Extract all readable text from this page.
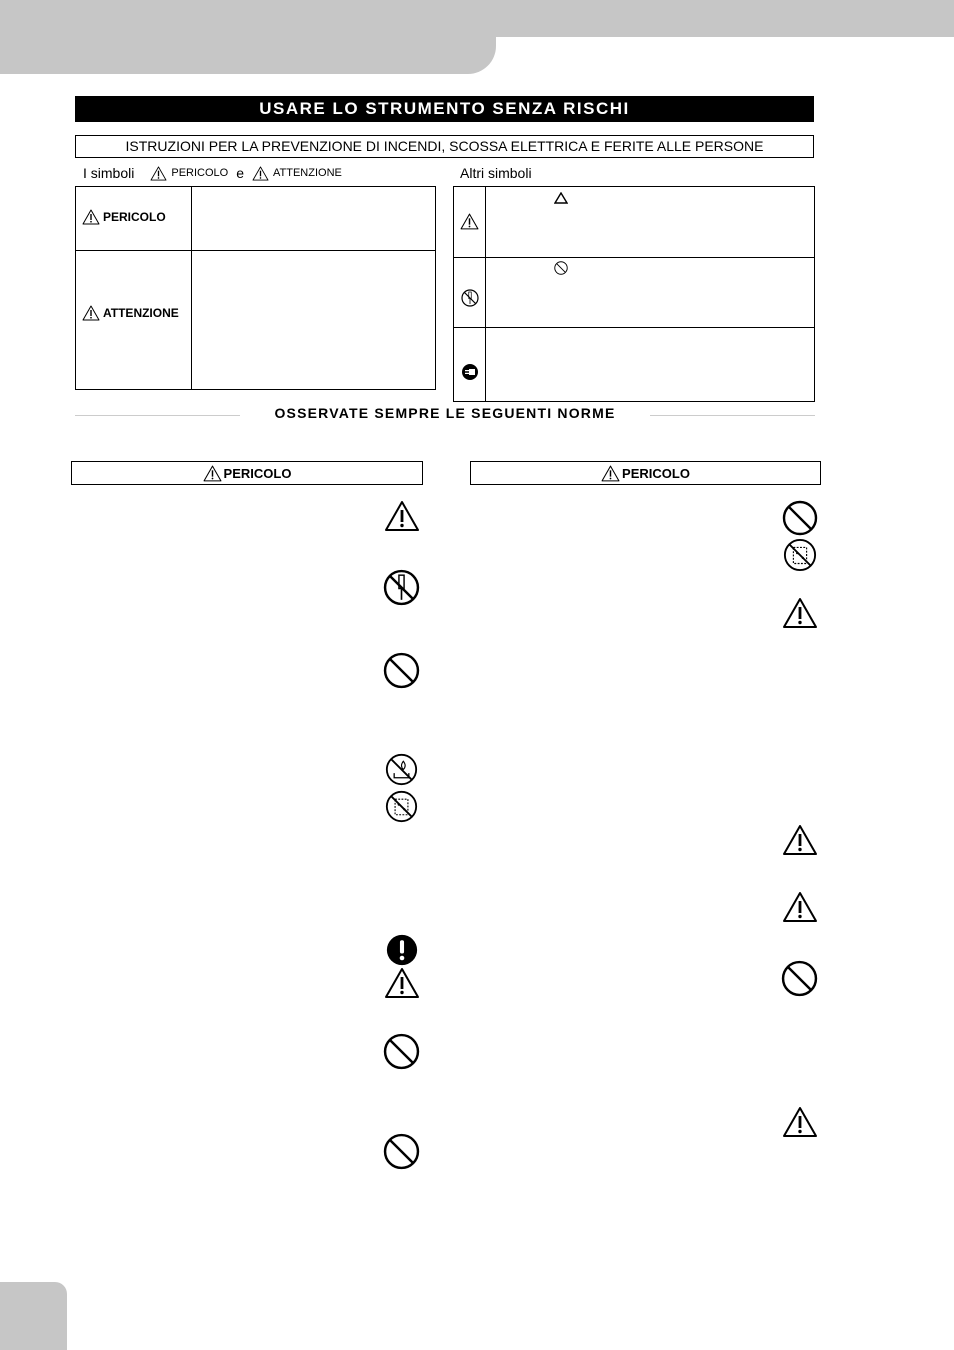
USARE LO STRUMENTO SENZA RISCHI
ISTRUZIONI PER LA PREVENZIONE DI INCENDI, SCOSSA ELETTRICA E FERITE ALLE PERSONE
I simboli	PERICOLO e	ATTENZIONE
PERICOLO
ATTENZIONE
Altri simboli
OSSERVATE SEMPRE LE SEGUENTI NORME
PERICOLO	PERICOLO
